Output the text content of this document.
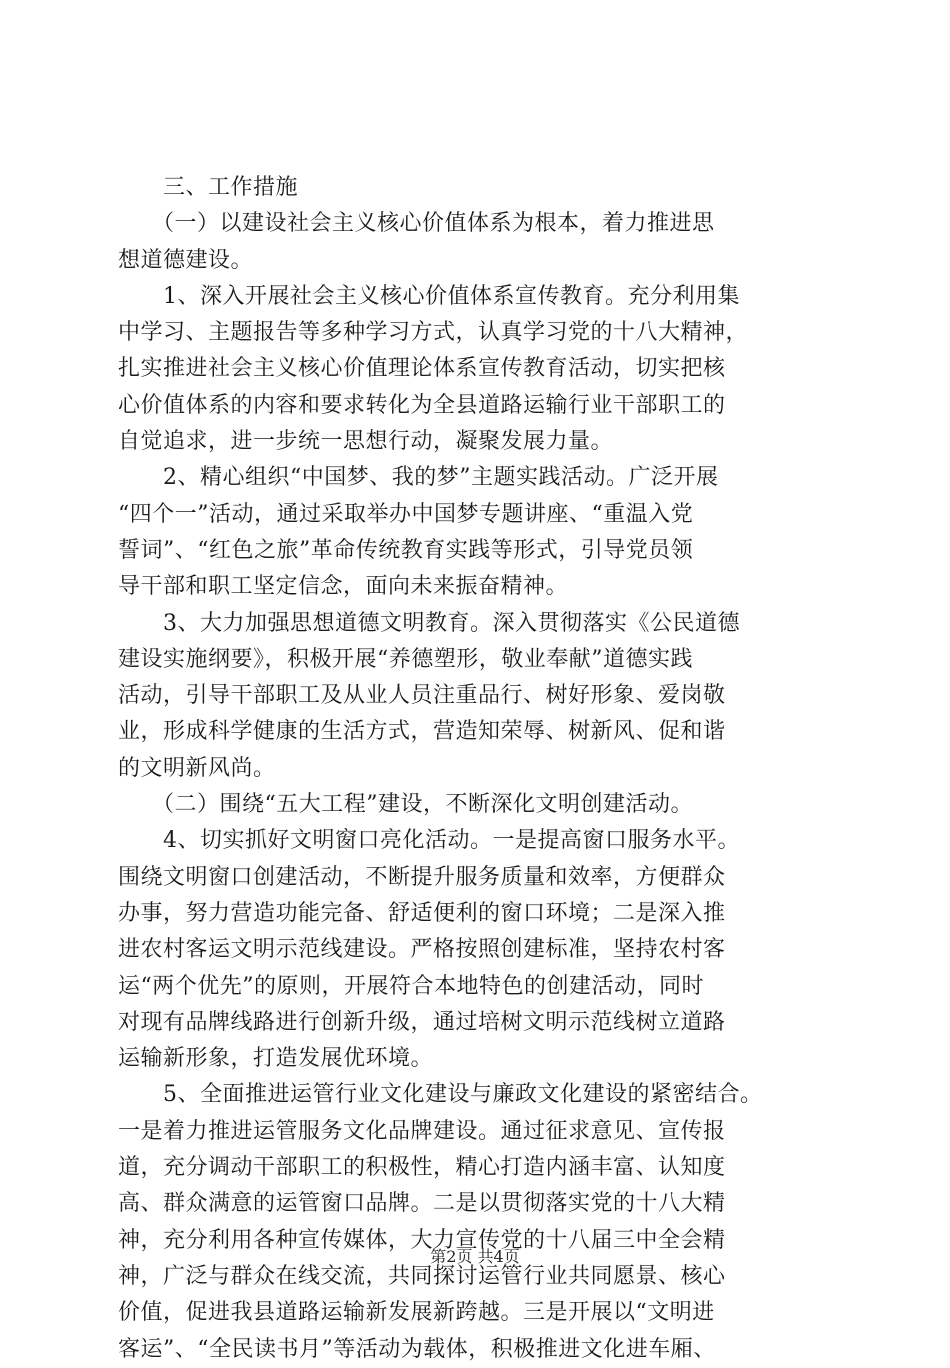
　　三、工作措施
　　（一）以建设社会主义核心价值体系为根本，着力推进思
想道德建设。
　　1、深入开展社会主义核心价值体系宣传教育。充分利用集
中学习、主题报告等多种学习方式，认真学习党的十八大精神，
扎实推进社会主义核心价值理论体系宣传教育活动，切实把核
心价值体系的内容和要求转化为全县道路运输行业干部职工的
自觉追求，进一步统一思想行动，凝聚发展力量。
　　2、精心组织“中国梦、我的梦”主题实践活动。广泛开展
“四个一”活动，通过采取举办中国梦专题讲座、“重温入党
誓词”、“红色之旅”革命传统教育实践等形式，引导党员领
导干部和职工坚定信念，面向未来振奋精神。
　　3、大力加强思想道德文明教育。深入贯彻落实《公民道德
建设实施纲要》，积极开展“养德塑形，敬业奉献”道德实践
活动，引导干部职工及从业人员注重品行、树好形象、爱岗敬
业，形成科学健康的生活方式，营造知荣辱、树新风、促和谐
的文明新风尚。
　　（二）围绕“五大工程”建设，不断深化文明创建活动。
　　4、切实抓好文明窗口亮化活动。一是提高窗口服务水平。
围绕文明窗口创建活动，不断提升服务质量和效率，方便群众
办事，努力营造功能完备、舒适便利的窗口环境；二是深入推
进农村客运文明示范线建设。严格按照创建标准，坚持农村客
运“两个优先”的原则，开展符合本地特色的创建活动，同时
对现有品牌线路进行创新升级，通过培树文明示范线树立道路
运输新形象，打造发展优环境。
　　5、全面推进运管行业文化建设与廉政文化建设的紧密结合。
一是着力推进运管服务文化品牌建设。通过征求意见、宣传报
道，充分调动干部职工的积极性，精心打造内涵丰富、认知度
高、群众满意的运管窗口品牌。二是以贯彻落实党的十八大精
神，充分利用各种宣传媒体，大力宣传党的十八届三中全会精
神，广泛与群众在线交流，共同探讨运管行业共同愿景、核心
价值，促进我县道路运输新发展新跨越。三是开展以“文明进
客运”、“全民读书月”等活动为载体，积极推进文化进车厢、
第2页 共4页
